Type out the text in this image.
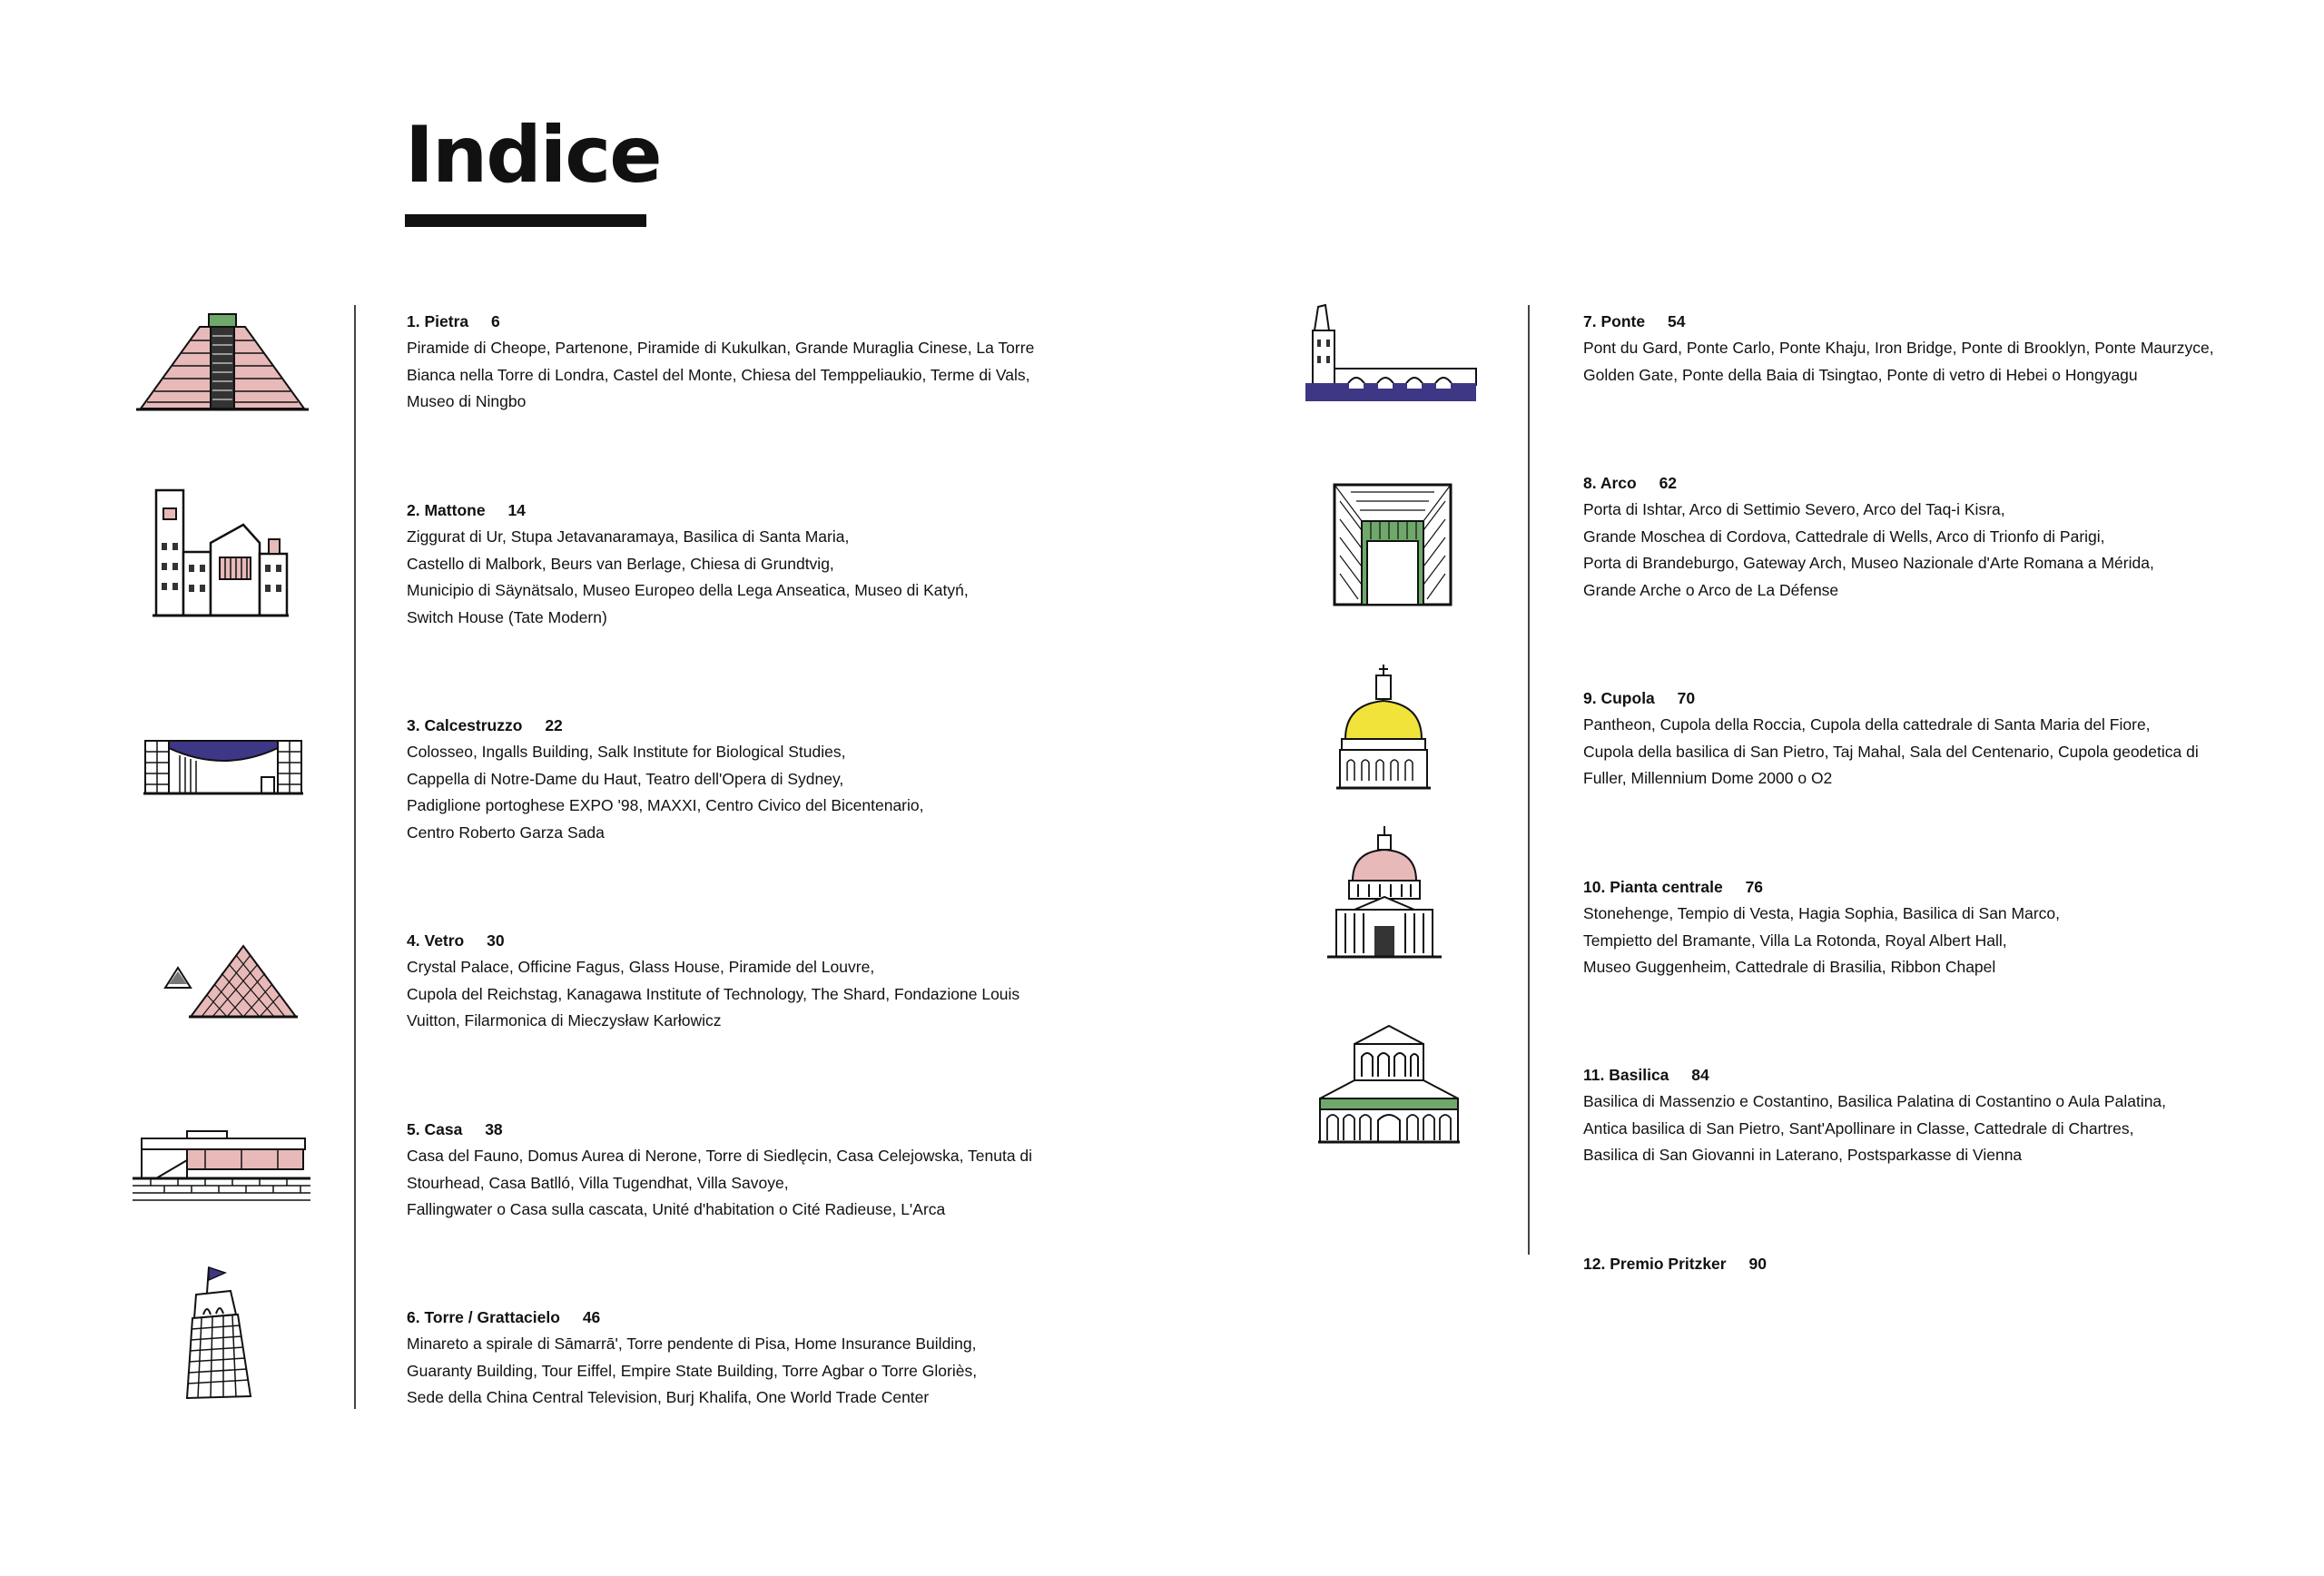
Indice
1. Pietra 6
Piramide di Cheope, Partenone, Piramide di Kukulkan, Grande Muraglia Cinese, La Torre
Bianca nella Torre di Londra, Castel del Monte, Chiesa del Temppeliaukio, Terme di Vals,
Museo di Ningbo
2. Mattone 14
Ziggurat di Ur, Stupa Jetavanaramaya, Basilica di Santa Maria,
Castello di Malbork, Beurs van Berlage, Chiesa di Grundtvig,
Municipio di Säynätsalo, Museo Europeo della Lega Anseatica, Museo di Katyń,
Switch House (Tate Modern)
3. Calcestruzzo 22
Colosseo, Ingalls Building, Salk Institute for Biological Studies,
Cappella di Notre-Dame du Haut, Teatro dell'Opera di Sydney,
Padiglione portoghese EXPO '98, MAXXI, Centro Civico del Bicentenario,
Centro Roberto Garza Sada
4. Vetro 30
Crystal Palace, Officine Fagus, Glass House, Piramide del Louvre,
Cupola del Reichstag, Kanagawa Institute of Technology, The Shard, Fondazione Louis
Vuitton, Filarmonica di Mieczysław Karłowicz
5. Casa 38
Casa del Fauno, Domus Aurea di Nerone, Torre di Siedlęcin, Casa Celejowska, Tenuta di
Stourhead, Casa Batlló, Villa Tugendhat, Villa Savoye,
Fallingwater o Casa sulla cascata, Unité d'habitation o Cité Radieuse, L'Arca
6. Torre / Grattacielo 46
Minareto a spirale di Sāmarrā', Torre pendente di Pisa, Home Insurance Building,
Guaranty Building, Tour Eiffel, Empire State Building, Torre Agbar o Torre Gloriès,
Sede della China Central Television, Burj Khalifa, One World Trade Center
7. Ponte 54
Pont du Gard, Ponte Carlo, Ponte Khaju, Iron Bridge, Ponte di Brooklyn, Ponte Maurzyce,
Golden Gate, Ponte della Baia di Tsingtao, Ponte di vetro di Hebei o Hongyagu
8. Arco 62
Porta di Ishtar, Arco di Settimio Severo, Arco del Taq-i Kisra,
Grande Moschea di Cordova, Cattedrale di Wells, Arco di Trionfo di Parigi,
Porta di Brandeburgo, Gateway Arch, Museo Nazionale d'Arte Romana a Mérida,
Grande Arche o Arco de La Défense
9. Cupola 70
Pantheon, Cupola della Roccia, Cupola della cattedrale di Santa Maria del Fiore,
Cupola della basilica di San Pietro, Taj Mahal, Sala del Centenario, Cupola geodetica di
Fuller, Millennium Dome 2000 o O2
10. Pianta centrale 76
Stonehenge, Tempio di Vesta, Hagia Sophia, Basilica di San Marco,
Tempietto del Bramante, Villa La Rotonda, Royal Albert Hall,
Museo Guggenheim, Cattedrale di Brasilia, Ribbon Chapel
11. Basilica 84
Basilica di Massenzio e Costantino, Basilica Palatina di Costantino o Aula Palatina,
Antica basilica di San Pietro, Sant'Apollinare in Classe, Cattedrale di Chartres,
Basilica di San Giovanni in Laterano, Postsparkasse di Vienna
12. Premio Pritzker 90
